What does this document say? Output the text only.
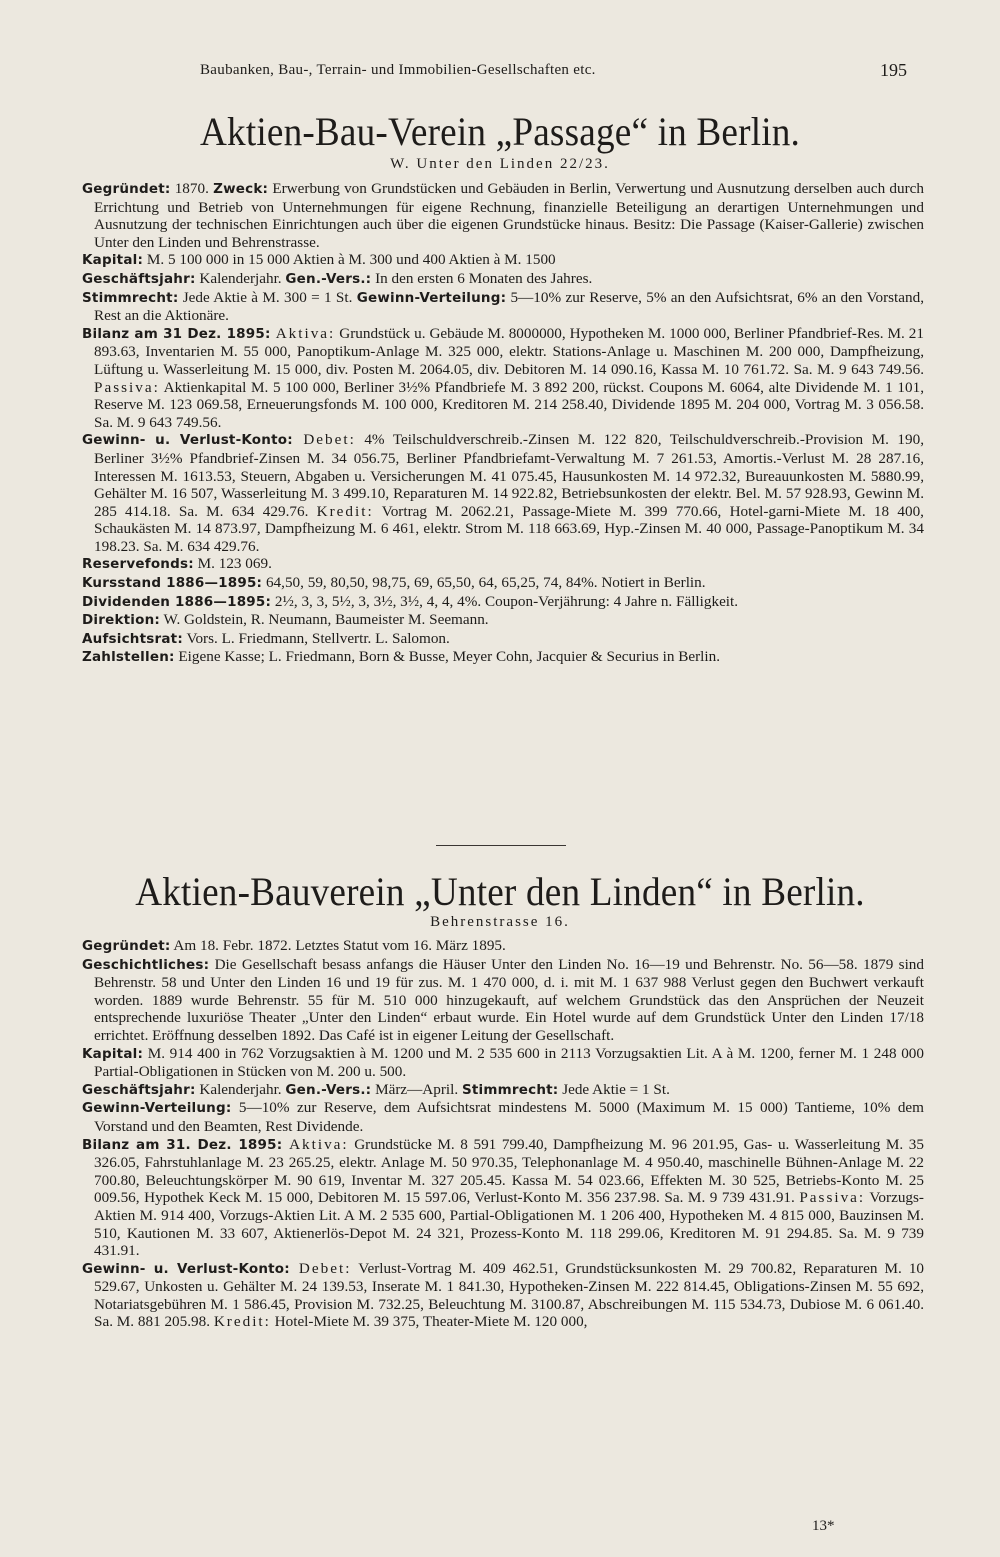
Baubanken, Bau-, Terrain- und Immobilien-Gesellschaften etc.	195
Aktien-Bau-Verein „Passage“ in Berlin.
W. Unter den Linden 22/23.

Gegründet: 1870. Zweck: Erwerbung von Grundstücken und Gebäuden in Berlin, Verwertung und Ausnutzung derselben auch durch Errichtung und Betrieb von Unternehmungen für eigene Rechnung, finanzielle Beteiligung an derartigen Unternehmungen und Ausnutzung der technischen Einrichtungen auch über die eigenen Grundstücke hinaus. Besitz: Die Passage (Kaiser-Gallerie) zwischen Unter den Linden und Behrenstrasse.

Kapital: M. 5 100 000 in 15 000 Aktien à M. 300 und 400 Aktien à M. 1500

Geschäftsjahr: Kalenderjahr. Gen.-Vers.: In den ersten 6 Monaten des Jahres.

Stimmrecht: Jede Aktie à M. 300 = 1 St. Gewinn-Verteilung: 5—10% zur Reserve, 5% an den Aufsichtsrat, 6% an den Vorstand, Rest an die Aktionäre.

Bilanz am 31 Dez. 1895: Aktiva: Grundstück u. Gebäude M. 8000000, Hypotheken M. 1000 000, Berliner Pfandbrief-Res. M. 21 893.63, Inventarien M. 55 000, Panoptikum-Anlage M. 325 000, elektr. Stations-Anlage u. Maschinen M. 200 000, Dampfheizung, Lüftung u. Wasserleitung M. 15 000, div. Posten M. 2064.05, div. Debitoren M. 14 090.16, Kassa M. 10 761.72. Sa. M. 9 643 749.56. Passiva: Aktienkapital M. 5 100 000, Berliner 3½% Pfandbriefe M. 3 892 200, rückst. Coupons M. 6064, alte Dividende M. 1 101, Reserve M. 123 069.58, Erneuerungsfonds M. 100 000, Kreditoren M. 214 258.40, Dividende 1895 M. 204 000, Vortrag M. 3 056.58. Sa. M. 9 643 749.56.

Gewinn- u. Verlust-Konto: Debet: 4% Teilschuldverschreib.-Zinsen M. 122 820, Teilschuldverschreib.-Provision M. 190, Berliner 3½% Pfandbrief-Zinsen M. 34 056.75, Berliner Pfandbriefamt-Verwaltung M. 7 261.53, Amortis.-Verlust M. 28 287.16, Interessen M. 1613.53, Steuern, Abgaben u. Versicherungen M. 41 075.45, Hausunkosten M. 14 972.32, Bureauunkosten M. 5880.99, Gehälter M. 16 507, Wasserleitung M. 3 499.10, Reparaturen M. 14 922.82, Betriebsunkosten der elektr. Bel. M. 57 928.93, Gewinn M. 285 414.18. Sa. M. 634 429.76. Kredit: Vortrag M. 2062.21, Passage-Miete M. 399 770.66, Hotel-garni-Miete M. 18 400, Schaukästen M. 14 873.97, Dampfheizung M. 6 461, elektr. Strom M. 118 663.69, Hyp.-Zinsen M. 40 000, Passage-Panoptikum M. 34 198.23. Sa. M. 634 429.76.

Reservefonds: M. 123 069.

Kursstand 1886—1895: 64,50, 59, 80,50, 98,75, 69, 65,50, 64, 65,25, 74, 84%. Notiert in Berlin.

Dividenden 1886—1895: 2½, 3, 3, 5½, 3, 3½, 3½, 4, 4, 4%. Coupon-Verjährung: 4 Jahre n. Fälligkeit.

Direktion: W. Goldstein, R. Neumann, Baumeister M. Seemann.

Aufsichtsrat: Vors. L. Friedmann, Stellvertr. L. Salomon.

Zahlstellen: Eigene Kasse; L. Friedmann, Born & Busse, Meyer Cohn, Jacquier & Securius in Berlin.

Aktien-Bauverein „Unter den Linden“ in Berlin.
Behrenstrasse 16.

Gegründet: Am 18. Febr. 1872. Letztes Statut vom 16. März 1895.

Geschichtliches: Die Gesellschaft besass anfangs die Häuser Unter den Linden No. 16—19 und Behrenstr. No. 56—58. 1879 sind Behrenstr. 58 und Unter den Linden 16 und 19 für zus. M. 1 470 000, d. i. mit M. 1 637 988 Verlust gegen den Buchwert verkauft worden. 1889 wurde Behrenstr. 55 für M. 510 000 hinzugekauft, auf welchem Grundstück das den Ansprüchen der Neuzeit entsprechende luxuriöse Theater „Unter den Linden“ erbaut wurde. Ein Hotel wurde auf dem Grundstück Unter den Linden 17/18 errichtet. Eröffnung desselben 1892. Das Café ist in eigener Leitung der Gesellschaft.

Kapital: M. 914 400 in 762 Vorzugsaktien à M. 1200 und M. 2 535 600 in 2113 Vorzugsaktien Lit. A à M. 1200, ferner M. 1 248 000 Partial-Obligationen in Stücken von M. 200 u. 500.

Geschäftsjahr: Kalenderjahr. Gen.-Vers.: März—April. Stimmrecht: Jede Aktie = 1 St.

Gewinn-Verteilung: 5—10% zur Reserve, dem Aufsichtsrat mindestens M. 5000 (Maximum M. 15 000) Tantieme, 10% dem Vorstand und den Beamten, Rest Dividende.

Bilanz am 31. Dez. 1895: Aktiva: Grundstücke M. 8 591 799.40, Dampfheizung M. 96 201.95, Gas- u. Wasserleitung M. 35 326.05, Fahrstuhlanlage M. 23 265.25, elektr. Anlage M. 50 970.35, Telephonanlage M. 4 950.40, maschinelle Bühnen-Anlage M. 22 700.80, Beleuchtungskörper M. 90 619, Inventar M. 327 205.45. Kassa M. 54 023.66, Effekten M. 30 525, Betriebs-Konto M. 25 009.56, Hypothek Keck M. 15 000, Debitoren M. 15 597.06, Verlust-Konto M. 356 237.98. Sa. M. 9 739 431.91. Passiva: Vorzugs-Aktien M. 914 400, Vorzugs-Aktien Lit. A M. 2 535 600, Partial-Obligationen M. 1 206 400, Hypotheken M. 4 815 000, Bauzinsen M. 510, Kautionen M. 33 607, Aktienerlös-Depot M. 24 321, Prozess-Konto M. 118 299.06, Kreditoren M. 91 294.85. Sa. M. 9 739 431.91.

Gewinn- u. Verlust-Konto: Debet: Verlust-Vortrag M. 409 462.51, Grundstücksunkosten M. 29 700.82, Reparaturen M. 10 529.67, Unkosten u. Gehälter M. 24 139.53, Inserate M. 1 841.30, Hypotheken-Zinsen M. 222 814.45, Obligations-Zinsen M. 55 692, Notariatsgebühren M. 1 586.45, Provision M. 732.25, Beleuchtung M. 3100.87, Abschreibungen M. 115 534.73, Dubiose M. 6 061.40. Sa. M. 881 205.98. Kredit: Hotel-Miete M. 39 375, Theater-Miete M. 120 000,

13*
